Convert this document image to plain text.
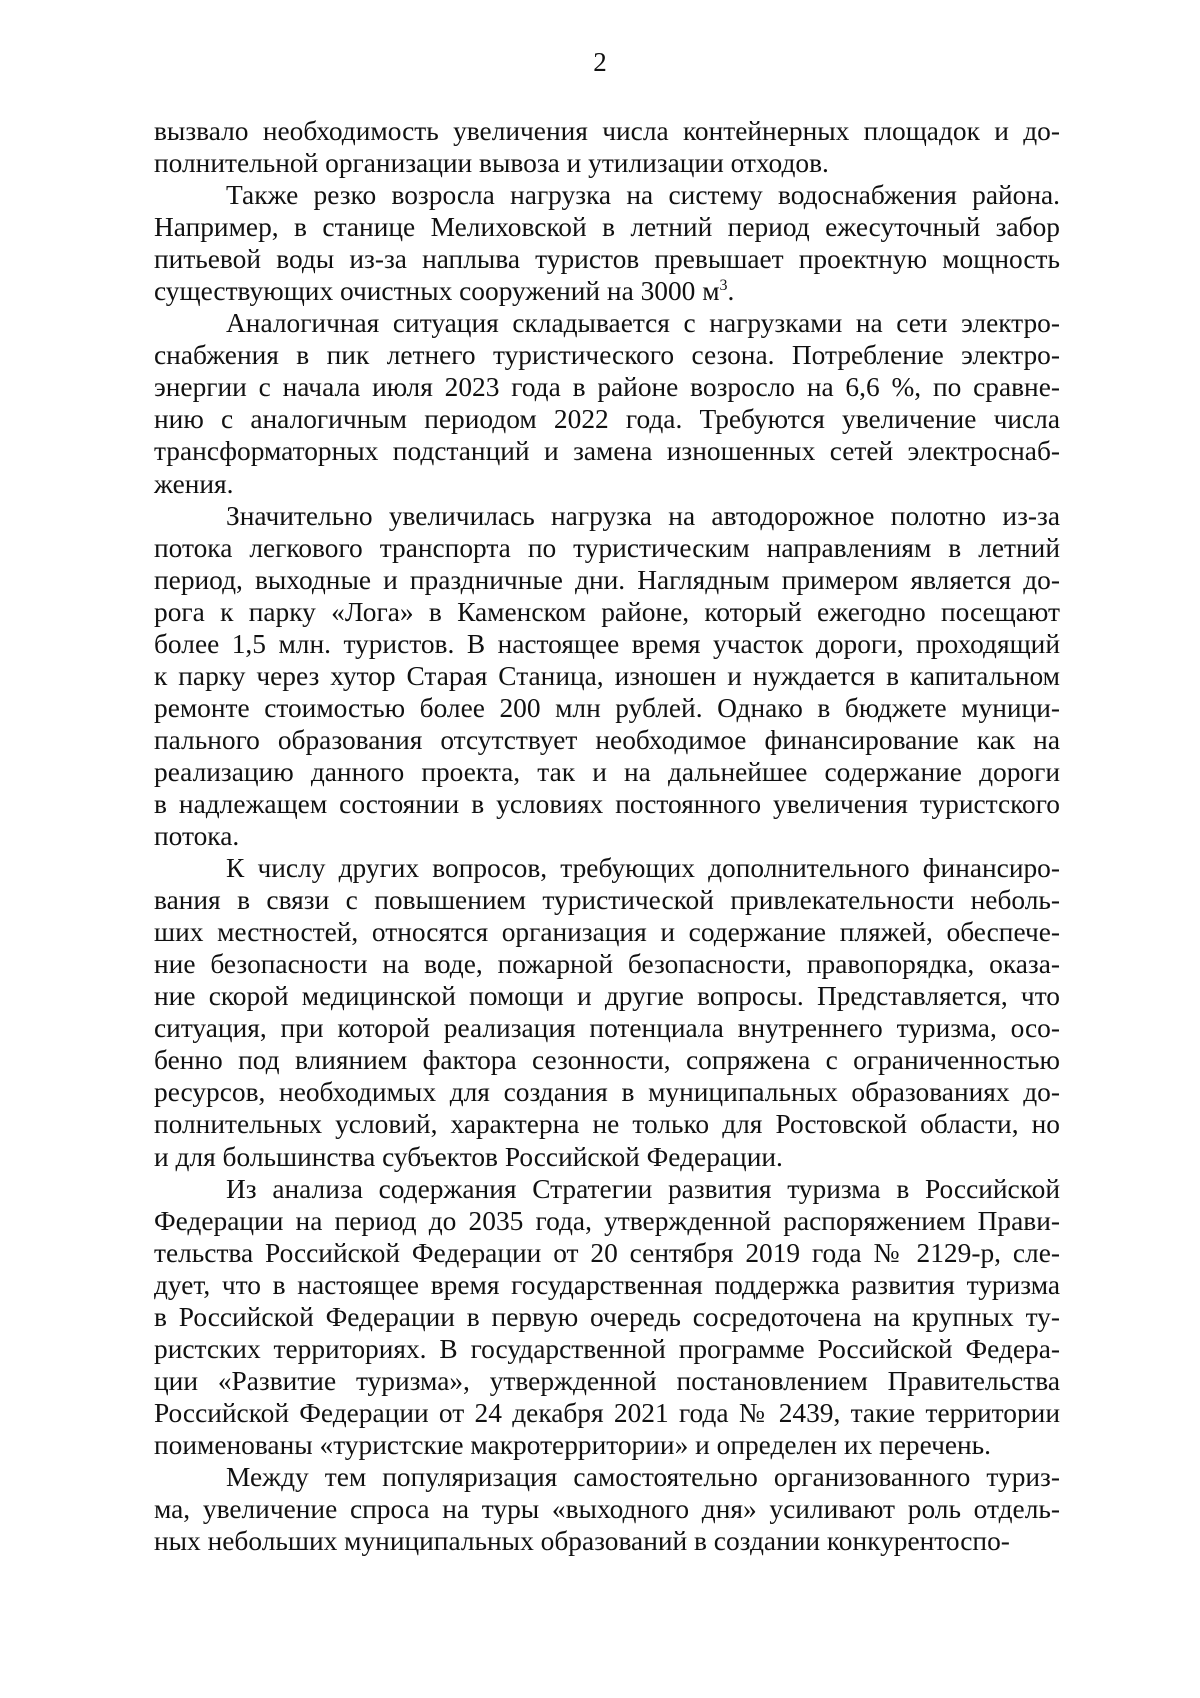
2
вызвало необходимость увеличения числа контейнерных площадок и до-
полнительной организации вывоза и утилизации отходов.
Также резко возросла нагрузка на систему водоснабжения района.
Например, в станице Мелиховской в летний период ежесуточный забор
питьевой воды из-за наплыва туристов превышает проектную мощность
существующих очистных сооружений на 3000 $м^3$.
Аналогичная ситуация складывается с нагрузками на сети электро-
снабжения в пик летнего туристического сезона. Потребление электро-
энергии с начала июля 2023 года в районе возросло на 6,6 %, по сравне-
нию с аналогичным периодом 2022 года. Требуются увеличение числа
трансформаторных подстанций и замена изношенных сетей электроснаб-
жения.
Значительно увеличилась нагрузка на автодорожное полотно из-за
потока легкового транспорта по туристическим направлениям в летний
период, выходные и праздничные дни. Наглядным примером является до-
рога к парку «Лога» в Каменском районе, который ежегодно посещают
более 1,5 млн. туристов. В настоящее время участок дороги, проходящий
к парку через хутор Старая Станица, изношен и нуждается в капитальном
ремонте стоимостью более 200 млн рублей. Однако в бюджете муници-
пального образования отсутствует необходимое финансирование как на
реализацию данного проекта, так и на дальнейшее содержание дороги
в надлежащем состоянии в условиях постоянного увеличения туристского
потока.
К числу других вопросов, требующих дополнительного финансиро-
вания в связи с повышением туристической привлекательности неболь-
ших местностей, относятся организация и содержание пляжей, обеспече-
ние безопасности на воде, пожарной безопасности, правопорядка, оказа-
ние скорой медицинской помощи и другие вопросы. Представляется, что
ситуация, при которой реализация потенциала внутреннего туризма, осо-
бенно под влиянием фактора сезонности, сопряжена с ограниченностью
ресурсов, необходимых для создания в муниципальных образованиях до-
полнительных условий, характерна не только для Ростовской области, но
и для большинства субъектов Российской Федерации.
Из анализа содержания Стратегии развития туризма в Российской
Федерации на период до 2035 года, утвержденной распоряжением Прави-
тельства Российской Федерации от 20 сентября 2019 года № 2129-р, сле-
дует, что в настоящее время государственная поддержка развития туризма
в Российской Федерации в первую очередь сосредоточена на крупных ту-
ристских территориях. В государственной программе Российской Федера-
ции «Развитие туризма», утвержденной постановлением Правительства
Российской Федерации от 24 декабря 2021 года № 2439, такие территории
поименованы «туристские макротерритории» и определен их перечень.
Между тем популяризация самостоятельно организованного туриз-
ма, увеличение спроса на туры «выходного дня» усиливают роль отдель-
ных небольших муниципальных образований в создании конкурентоспо-
